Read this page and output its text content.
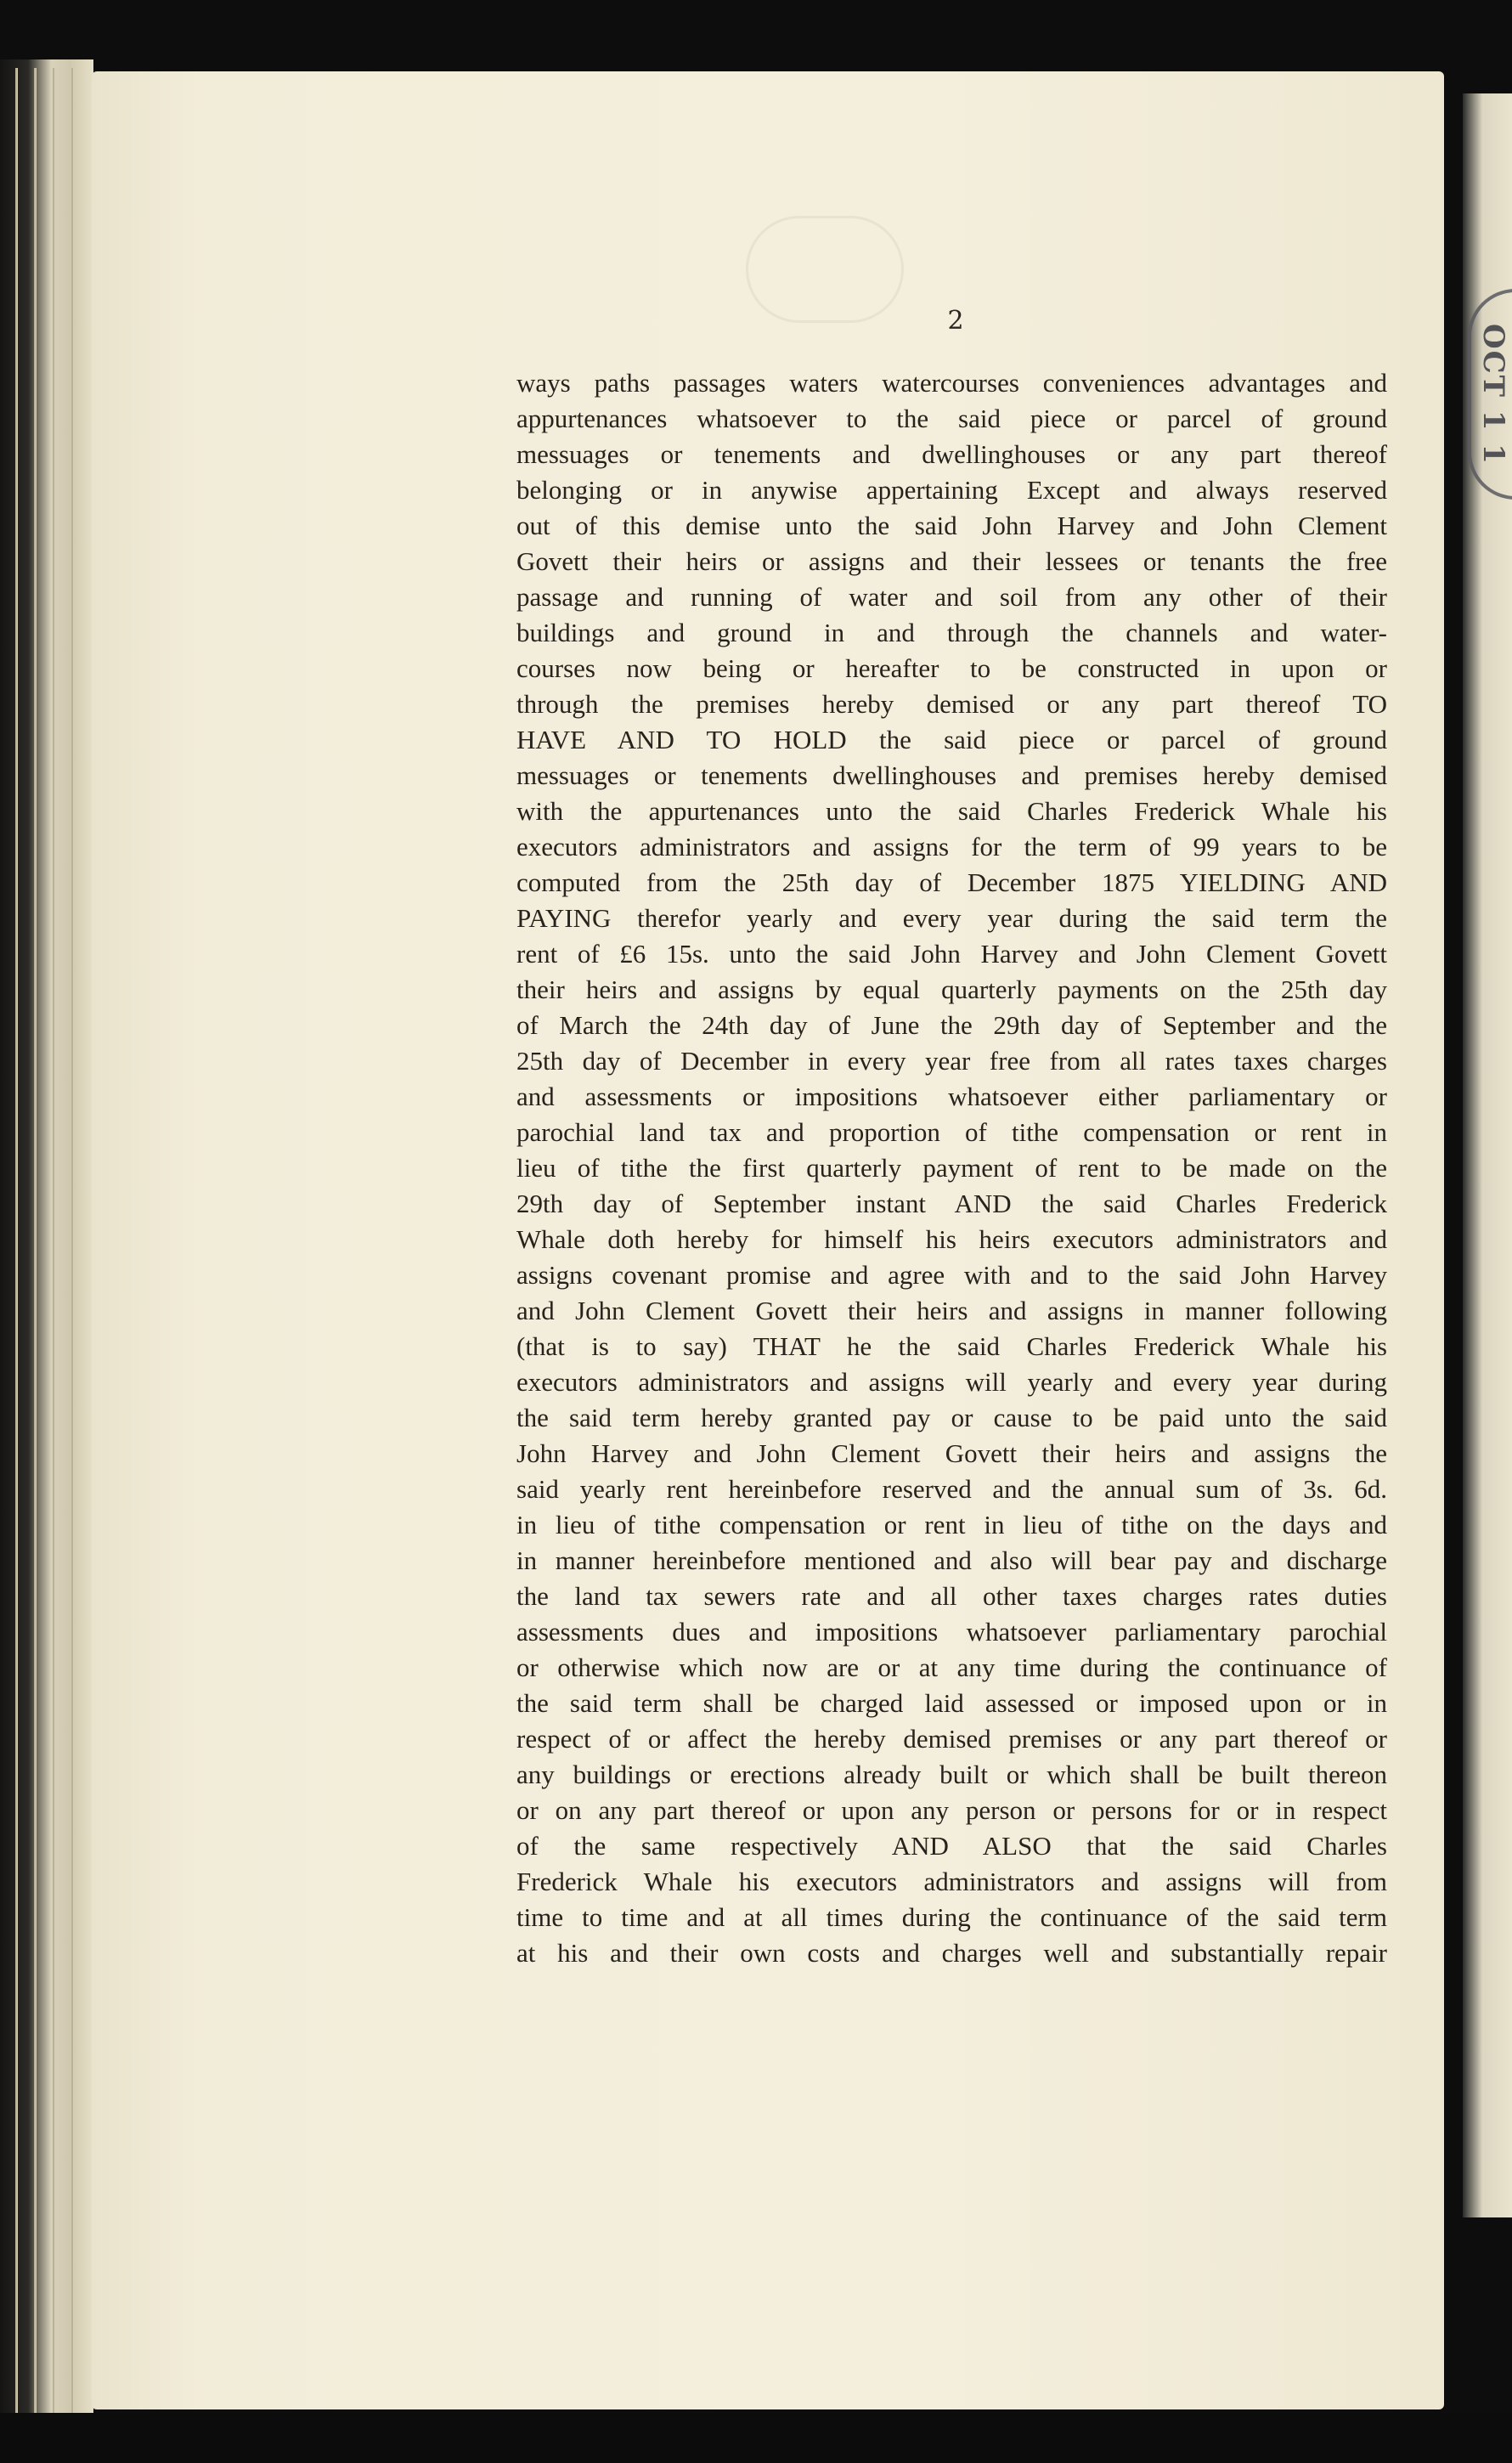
OCT 1 1
2
ways paths passages waters watercourses conveniences advantages and
appurtenances whatsoever to the said piece or parcel of ground
messuages or tenements and dwellinghouses or any part thereof
belonging or in anywise appertaining Except and always reserved
out of this demise unto the said John Harvey and John Clement
Govett their heirs or assigns and their lessees or tenants the free
passage and running of water and soil from any other of their
buildings and ground in and through the channels and water-
courses now being or hereafter to be constructed in upon or
through the premises hereby demised or any part thereof TO
HAVE AND TO HOLD the said piece or parcel of ground
messuages or tenements dwellinghouses and premises hereby demised
with the appurtenances unto the said Charles Frederick Whale his
executors administrators and assigns for the term of 99 years to be
computed from the 25th day of December 1875 YIELDING AND
PAYING therefor yearly and every year during the said term the
rent of £6 15s. unto the said John Harvey and John Clement Govett
their heirs and assigns by equal quarterly payments on the 25th day
of March the 24th day of June the 29th day of September and the
25th day of December in every year free from all rates taxes charges
and assessments or impositions whatsoever either parliamentary or
parochial land tax and proportion of tithe compensation or rent in
lieu of tithe the first quarterly payment of rent to be made on the
29th day of September instant AND the said Charles Frederick
Whale doth hereby for himself his heirs executors administrators and
assigns covenant promise and agree with and to the said John Harvey
and John Clement Govett their heirs and assigns in manner following
(that is to say) THAT he the said Charles Frederick Whale his
executors administrators and assigns will yearly and every year during
the said term hereby granted pay or cause to be paid unto the said
John Harvey and John Clement Govett their heirs and assigns the
said yearly rent hereinbefore reserved and the annual sum of 3s. 6d.
in lieu of tithe compensation or rent in lieu of tithe on the days and
in manner hereinbefore mentioned and also will bear pay and discharge
the land tax sewers rate and all other taxes charges rates duties
assessments dues and impositions whatsoever parliamentary parochial
or otherwise which now are or at any time during the continuance of
the said term shall be charged laid assessed or imposed upon or in
respect of or affect the hereby demised premises or any part thereof or
any buildings or erections already built or which shall be built thereon
or on any part thereof or upon any person or persons for or in respect
of the same respectively AND ALSO that the said Charles
Frederick Whale his executors administrators and assigns will from
time to time and at all times during the continuance of the said term
at his and their own costs and charges well and substantially repair
